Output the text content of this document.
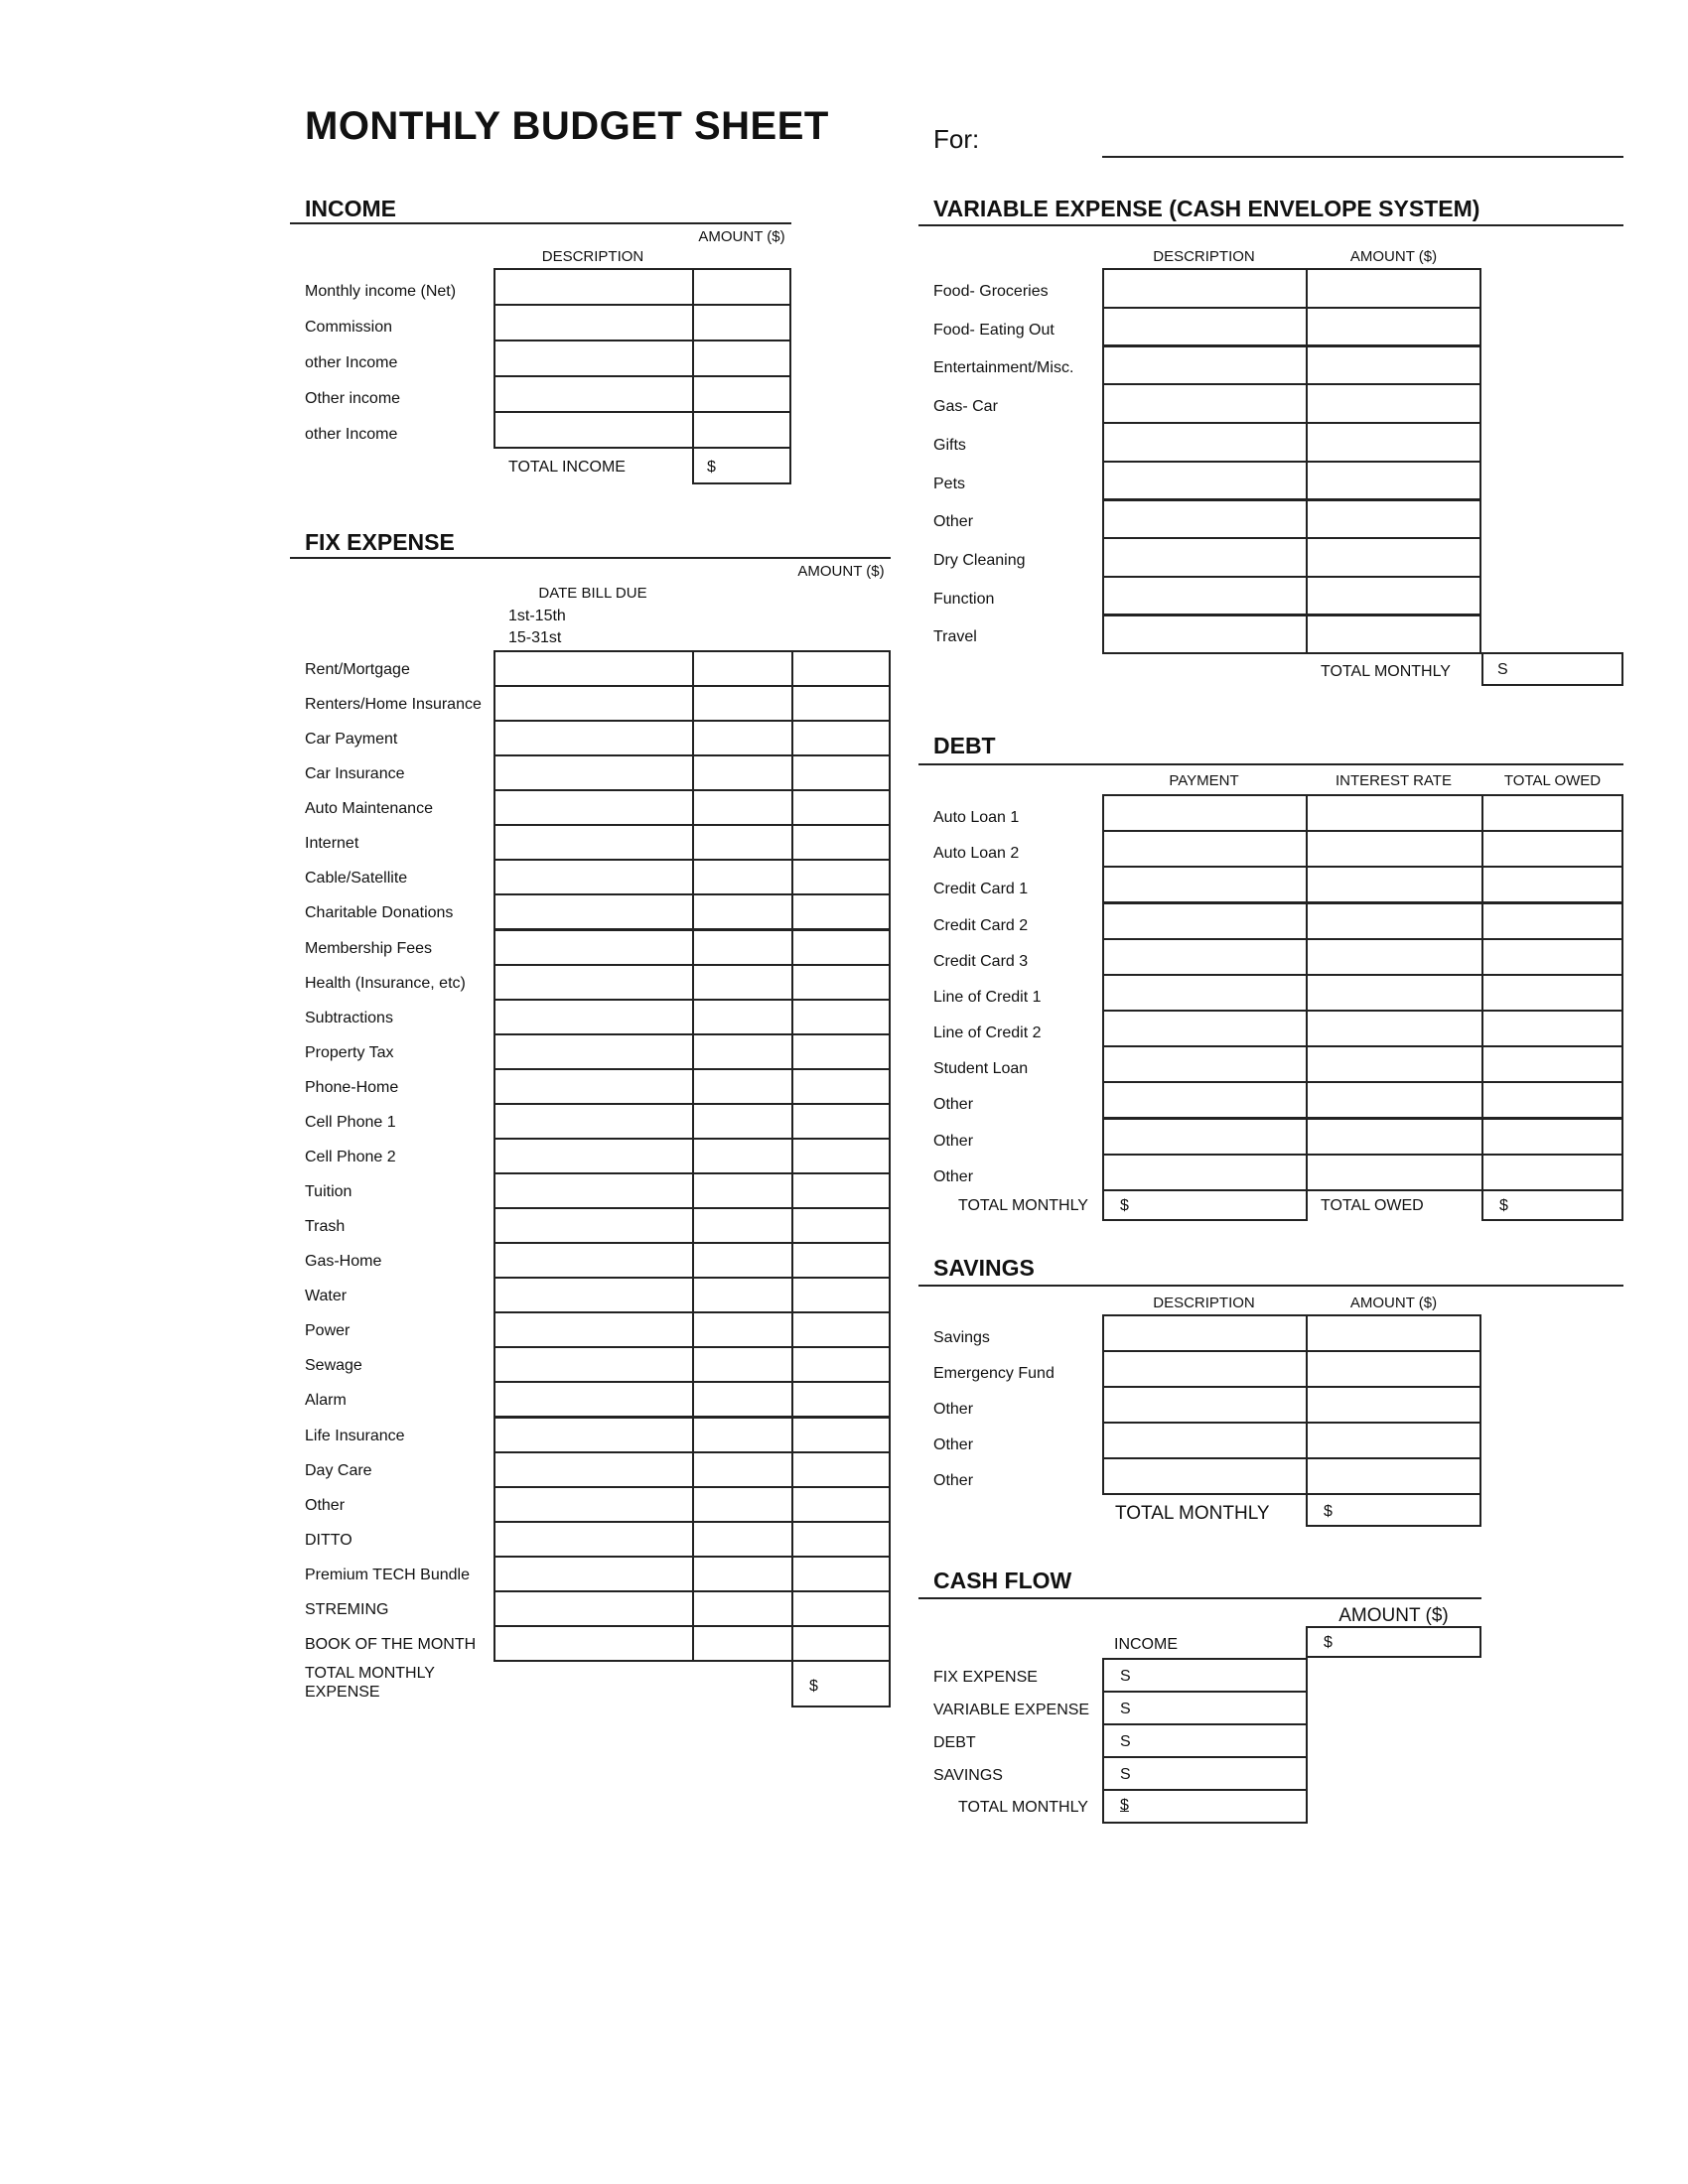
MONTHLY BUDGET SHEET	For:
INCOME
DESCRIPTION
AMOUNT ($)
FIX EXPENSE
AMOUNT ($)
DATE BILL DUE
1st-15th
15-31st
VARIABLE EXPENSE (CASH ENVELOPE SYSTEM)
DESCRIPTION	AMOUNT ($)
DEBT
PAYMENT	INTEREST RATE	TOTAL OWED
SAVINGS
DESCRIPTION	AMOUNT ($)
CASH FLOW
AMOUNT ($)
Monthly income (Net)
Commission
other Income
Other income
other Income
TOTAL INCOME	$
Rent/Mortgage
Renters/Home Insurance
Car Payment
Car Insurance
Auto Maintenance
Internet
Cable/Satellite
Charitable Donations
Membership Fees
Health (Insurance, etc)
Subtractions
Property Tax
Phone-Home
Cell Phone 1
Cell Phone 2
Tuition
Trash
Gas-Home
Water
Power
Sewage
Alarm
Life Insurance
Day Care
Other
DITTO
Premium TECH Bundle
STREMING
BOOK OF THE MONTH
TOTAL MONTHLY EXPENSE	$
Food- Groceries
Food- Eating Out
Entertainment/Misc.
Gas- Car
Gifts
Pets
Other
Dry Cleaning
Function
Travel
TOTAL MONTHLY	S
Auto Loan 1
Auto Loan 2
Credit Card 1
Credit Card 2
Credit Card 3
Line of Credit 1
Line of Credit 2
Student Loan
Other
Other
Other
TOTAL MONTHLY $	TOTAL OWED	$
Savings
Emergency Fund
Other
Other
Other
TOTAL MONTHLY	$
INCOME	$
FIX EXPENSE	S
VARIABLE EXPENSE S
DEBT	S
SAVINGS	S
TOTAL MONTHLY $
